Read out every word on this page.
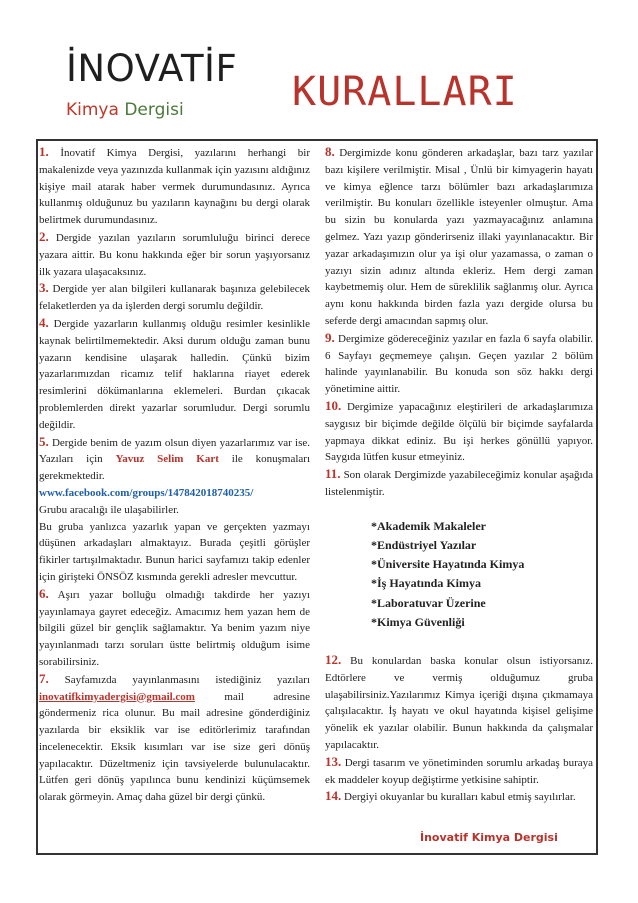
İNOVATİF
Kimya Dergisi	KURALLARI

1. İnovatif Kimya Dergisi, yazılarını herhangi bir makalenizde veya yazınızda kullanmak için yazısını aldığınız kişiye mail atarak haber vermek durumundasınız. Ayrıca kullanmış olduğunuz bu yazıların kaynağını bu dergi olarak belirtmek durumundasınız.

2. Dergide yazılan yazıların sorumluluğu birinci derece yazara aittir. Bu konu hakkında eğer bir sorun yaşıyorsanız ilk yazara ulaşacaksınız.

3. Dergide yer alan bilgileri kullanarak başınıza gelebilecek felaketlerden ya da işlerden dergi sorumlu değildir.

4. Dergide yazarların kullanmış olduğu resimler kesinlikle kaynak belirtilmemektedir. Aksi durum olduğu zaman bunu yazarın kendisine ulaşarak halledin. Çünkü bizim yazarlarımızdan ricamız telif haklarına riayet ederek resimlerini dökümanlarına eklemeleri. Burdan çıkacak problemlerden direkt yazarlar sorumludur. Dergi sorumlu değildir.

5. Dergide benim de yazım olsun diyen yazarlarımız var ise. Yazıları için Yavuz Selim Kart ile konuşmaları gerekmektedir.
www.facebook.com/groups/147842018740235/
Grubu aracalığı ile ulaşabilirler.
Bu gruba yanlızca yazarlık yapan ve gerçekten yazmayı düşünen arkadaşları almaktayız. Burada çeşitli görüşler fikirler tartışılmaktadır. Bunun harici sayfamızı takip edenler için girişteki ÖNSÖZ kısmında gerekli adresler mevcuttur.

6. Aşırı yazar bolluğu olmadığı takdirde her yazıyı yayınlamaya gayret edeceğiz. Amacımız hem yazan hem de bilgili güzel bir gençlik sağlamaktır. Ya benim yazım niye yayınlanmadı tarzı soruları üstte belirtmiş olduğum isime sorabilirsiniz.

7. Sayfamızda yayınlanmasını istediğiniz yazıları inovatifkimyadergisi@gmail.com	mail adresine göndermeniz rica olunur. Bu mail adresine gönderdiğiniz yazılarda bir eksiklik var ise editörlerimiz tarafından incelenecektir. Eksik kısımları var ise size geri dönüş yapılacaktır. Düzeltmeniz için tavsiyelerde bulunulacaktır. Lütfen geri dönüş yapılınca bunu kendinizi küçümsemek olarak görmeyin. Amaç daha güzel bir dergi çünkü.

8. Dergimizde konu gönderen arkadaşlar, bazı tarz yazılar bazı kişilere verilmiştir. Misal , Ünlü bir kimyagerin hayatı ve kimya eğlence tarzı bölümler bazı arkadaşlarımıza verilmiştir. Bu konuları özellikle isteyenler olmuştur. Ama bu sizin bu konularda yazı yazmayacağınız anlamına gelmez. Yazı yazıp gönderirseniz illaki yayınlanacaktır. Bir yazar arkadaşımızın olur ya işi olur yazamassa, o zaman o yazıyı sizin adınız altında ekleriz. Hem dergi zaman kaybetmemiş olur. Hem de süreklilik sağlanmış olur. Ayrıca aynı konu hakkında birden fazla yazı dergide olursa bu seferde dergi amacından sapmış olur.

9. Dergimize gödereceğiniz yazılar en fazla 6 sayfa olabilir. 6 Sayfayı geçmemeye çalışın. Geçen yazılar 2 bölüm halinde yayınlanabilir. Bu konuda son söz hakkı dergi yönetimine aittir.

10. Dergimize yapacağınız eleştirileri de arkadaşlarımıza saygısız bir biçimde değilde ölçülü bir biçimde sayfalarda yapmaya dikkat ediniz. Bu işi herkes gönüllü yapıyor. Saygıda lütfen kusur etmeyiniz.

11. Son olarak Dergimizde yazabileceğimiz konular aşağıda listelenmiştir.

*Akademik Makaleler
*Endüstriyel Yazılar
*Üniversite Hayatında Kimya
*İş Hayatında Kimya
*Laboratuvar Üzerine
*Kimya Güvenliği

12. Bu konulardan baska konular olsun istiyorsanız. Edtörlere ve vermiş olduğumuz gruba ulaşabilirsiniz.Yazılarımız Kimya içeriği dışına çıkmamaya çalışılacaktır. İş hayatı ve okul hayatında kişisel gelişime yönelik ek yazılar olabilir. Bunun hakkında da çalışmalar yapılacaktır.

13. Dergi tasarım ve yönetiminden sorumlu arkadaş buraya ek maddeler koyup değiştirme yetkisine sahiptir.

14. Dergiyi okuyanlar bu kuralları kabul etmiş sayılırlar.

İnovatif Kimya Dergisi
